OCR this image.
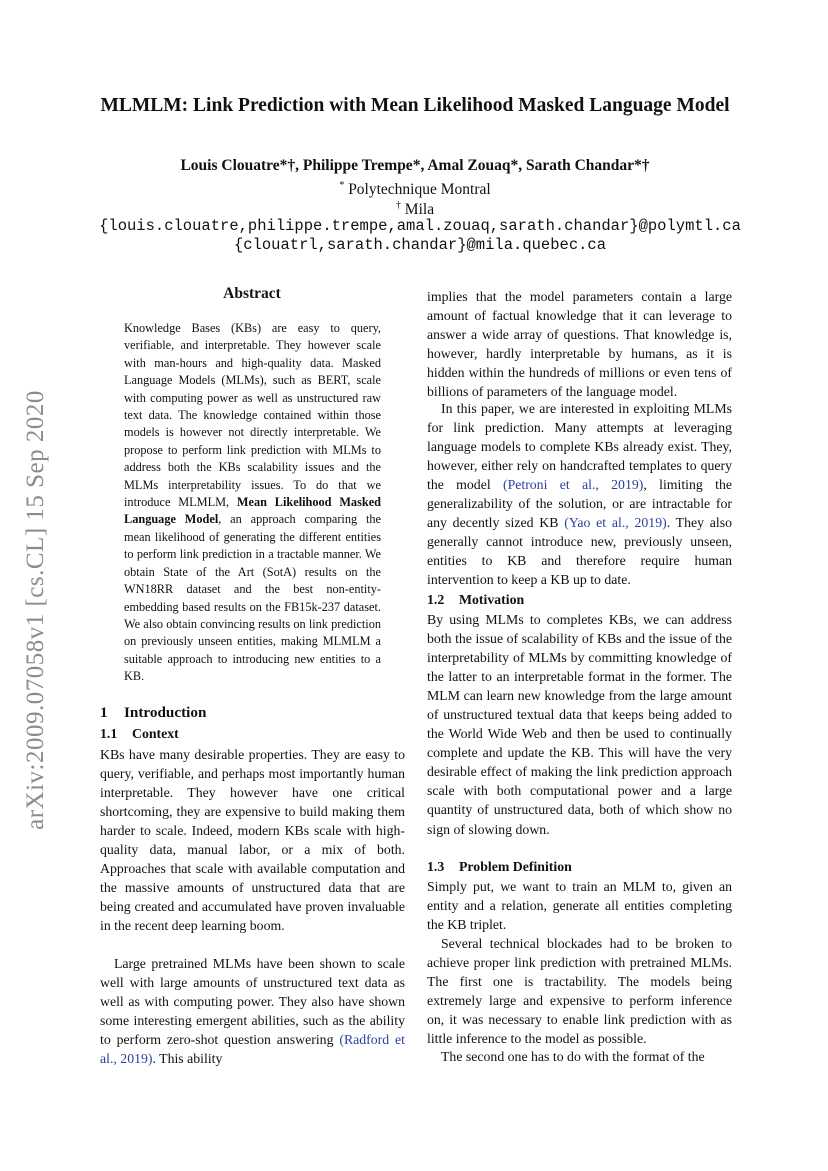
arXiv:2009.07058v1 [cs.CL] 15 Sep 2020
MLMLM: Link Prediction with Mean Likelihood Masked Language Model
Louis Clouatre*†, Philippe Trempe*, Amal Zouaq*, Sarath Chandar*†
* Polytechnique Montral
† Mila
{louis.clouatre,philippe.trempe,amal.zouaq,sarath.chandar}@polymtl.ca
{clouatrl,sarath.chandar}@mila.quebec.ca
Abstract
Knowledge Bases (KBs) are easy to query, verifiable, and interpretable. They however scale with man-hours and high-quality data. Masked Language Models (MLMs), such as BERT, scale with computing power as well as unstructured raw text data. The knowledge contained within those models is however not directly interpretable. We propose to perform link prediction with MLMs to address both the KBs scalability issues and the MLMs interpretability issues. To do that we introduce MLMLM, Mean Likelihood Masked Language Model, an approach comparing the mean likelihood of generating the different entities to perform link prediction in a tractable manner. We obtain State of the Art (SotA) results on the WN18RR dataset and the best non-entity-embedding based results on the FB15k-237 dataset. We also obtain convincing results on link prediction on previously unseen entities, making MLMLM a suitable approach to introducing new entities to a KB.
1 Introduction
1.1 Context

KBs have many desirable properties. They are easy to query, verifiable, and perhaps most importantly human interpretable. They however have one critical shortcoming, they are expensive to build making them harder to scale. Indeed, modern KBs scale with high-quality data, manual labor, or a mix of both. Approaches that scale with available computation and the massive amounts of unstructured data that are being created and accumulated have proven invaluable in the recent deep learning boom.

Large pretrained MLMs have been shown to scale well with large amounts of unstructured text data as well as with computing power. They also have shown some interesting emergent abilities, such as the ability to perform zero-shot question answering (Radford et al., 2019). This ability

implies that the model parameters contain a large amount of factual knowledge that it can leverage to answer a wide array of questions. That knowledge is, however, hardly interpretable by humans, as it is hidden within the hundreds of millions or even tens of billions of parameters of the language model.

In this paper, we are interested in exploiting MLMs for link prediction. Many attempts at leveraging language models to complete KBs already exist. They, however, either rely on handcrafted templates to query the model (Petroni et al., 2019), limiting the generalizability of the solution, or are intractable for any decently sized KB (Yao et al., 2019). They also generally cannot introduce new, previously unseen, entities to KB and therefore require human intervention to keep a KB up to date.

1.2 Motivation

By using MLMs to completes KBs, we can address both the issue of scalability of KBs and the issue of the interpretability of MLMs by committing knowledge of the latter to an interpretable format in the former. The MLM can learn new knowledge from the large amount of unstructured textual data that keeps being added to the World Wide Web and then be used to continually complete and update the KB. This will have the very desirable effect of making the link prediction approach scale with both computational power and a large quantity of unstructured data, both of which show no sign of slowing down.

1.3 Problem Definition

Simply put, we want to train an MLM to, given an entity and a relation, generate all entities completing the KB triplet.

Several technical blockades had to be broken to achieve proper link prediction with pretrained MLMs. The first one is tractability. The models being extremely large and expensive to perform inference on, it was necessary to enable link prediction with as little inference to the model as possible.

The second one has to do with the format of the
